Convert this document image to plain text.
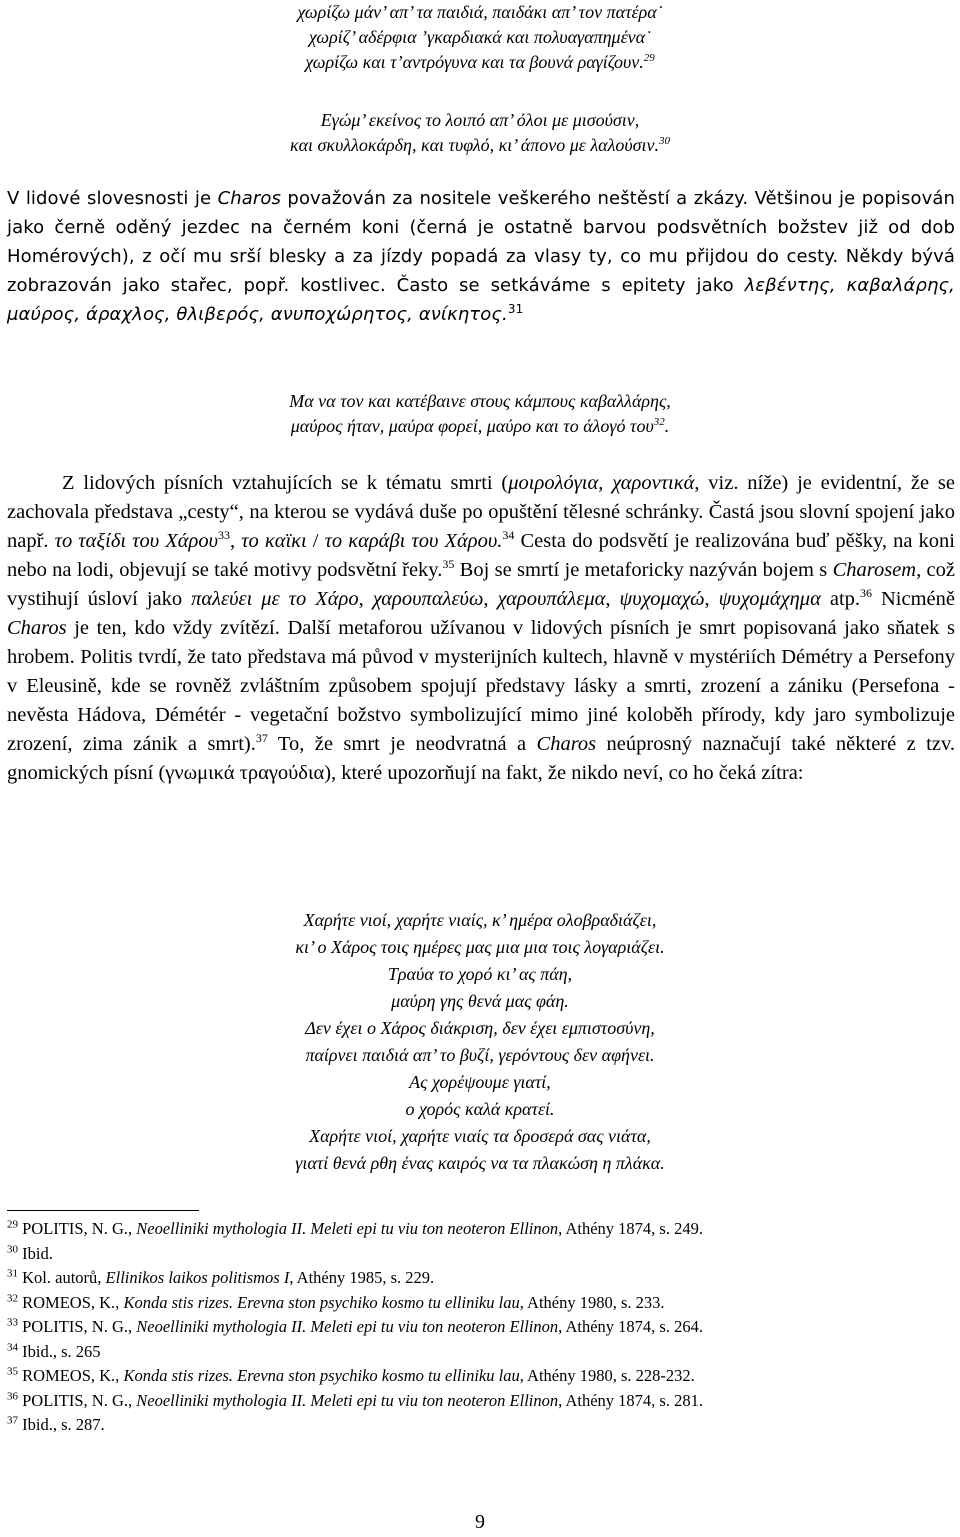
χωρίζω μάν’ απ’ τα παιδιά, παιδάκι απ’ τον πατέρα˙
χωρίζ’ αδέρφια ’γκαρδιακά και πολυαγαπημένα˙
χωρίζω και τ’αντρόγυνα και τα βουνά ραγίζουν.$^{29}$
Εγώμ’ εκείνος το λοιπό απ’ όλοι με μισούσιν,
και σκυλλοκάρδη, και τυφλό, κι’ άπονο με λαλούσιν.$^{30}$
V lidové slovesnosti je Charos považován za nositele veškerého neštěstí a zkázy. Většinou je popisován jako černě oděný jezdec na černém koni (černá je ostatně barvou podsvětních božstev již od dob Homérových), z očí mu srší blesky a za jízdy popadá za vlasy ty, co mu přijdou do cesty. Někdy bývá zobrazován jako stařec, popř. kostlivec. Často se setkáváme s epitety jako λεβέντης, καβαλάρης, μαύρος, άραχλος, θλιβερός, ανυποχώρητος, ανίκητος.$^{31}$
Μα να τον και κατέβαινε στους κάμπους καβαλλάρης,
μαύρος ήταν, μαύρα φορεί, μαύρο και το άλογό του$^{32}$.
Z lidových písních vztahujících se k tématu smrti (μοιρολόγια, χαροντικά, viz. níže) je evidentní, že se zachovala představa „cesty“, na kterou se vydává duše po opuštění tělesné schránky. Častá jsou slovní spojení jako např. το ταξίδι του Χάρου$^{33}$, το καϊκι / το καράβι του Χάρου.$^{34}$ Cesta do podsvětí je realizována buď pěšky, na koni nebo na lodi, objevují se také motivy podsvětní řeky.$^{35}$ Boj se smrtí je metaforicky nazýván bojem s Charosem, což vystihují úsloví jako παλεύει με το Χάρο, χαρουπαλεύω, χαρουπάλεμα, ψυχομαχώ, ψυχομάχημα atp.$^{36}$ Nicméně Charos je ten, kdo vždy zvítězí. Další metaforou užívanou v lidových písních je smrt popisovaná jako sňatek s hrobem. Politis tvrdí, že tato představa má původ v mysterijních kultech, hlavně v mystériích Démétry a Persefony v Eleusině, kde se rovněž zvláštním způsobem spojují představy lásky a smrti, zrození a zániku (Persefona - nevěsta Hádova, Démétér - vegetační božstvo symbolizující mimo jiné koloběh přírody, kdy jaro symbolizuje zrození, zima zánik a smrt).$^{37}$ To, že smrt je neodvratná a Charos neúprosný naznačují také některé z tzv. gnomických písní (γνωμικά τραγούδια), které upozorňují na fakt, že nikdo neví, co ho čeká zítra:
Χαρήτε νιοί, χαρήτε νιαίς, κ’ ημέρα ολοβραδιάζει,
κι’ ο Χάρος τοις ημέρες μας μια μια τοις λογαριάζει.
Τραύα το χορό κι’ ας πάη,
μαύρη γης θενά μας φάη.
Δεν έχει ο Χάρος διάκριση, δεν έχει εμπιστοσύνη,
παίρνει παιδιά απ’ το βυζί, γερόντους δεν αφήνει.
Ας χορέψουμε γιατί,
ο χορός καλά κρατεί.
Χαρήτε νιοί, χαρήτε νιαίς τα δροσερά σας νιάτα,
γιατί θενά ρθη ένας καιρός να τα πλακώση η πλάκα.
$^{29}$ POLITIS, N. G., Neoelliniki mythologia II. Meleti epi tu viu ton neoteron Ellinon, Athény 1874, s. 249.
$^{30}$ Ibid.
$^{31}$ Kol. autorů, Ellinikos laikos politismos I, Athény 1985, s. 229.
$^{32}$ ROMEOS, K., Konda stis rizes. Erevna ston psychiko kosmo tu elliniku lau, Athény 1980, s. 233.
$^{33}$ POLITIS, N. G., Neoelliniki mythologia II. Meleti epi tu viu ton neoteron Ellinon, Athény 1874, s. 264.
$^{34}$ Ibid., s. 265
$^{35}$ ROMEOS, K., Konda stis rizes. Erevna ston psychiko kosmo tu elliniku lau, Athény 1980, s. 228-232.
$^{36}$ POLITIS, N. G., Neoelliniki mythologia II. Meleti epi tu viu ton neoteron Ellinon, Athény 1874, s. 281.
$^{37}$ Ibid., s. 287.
9
